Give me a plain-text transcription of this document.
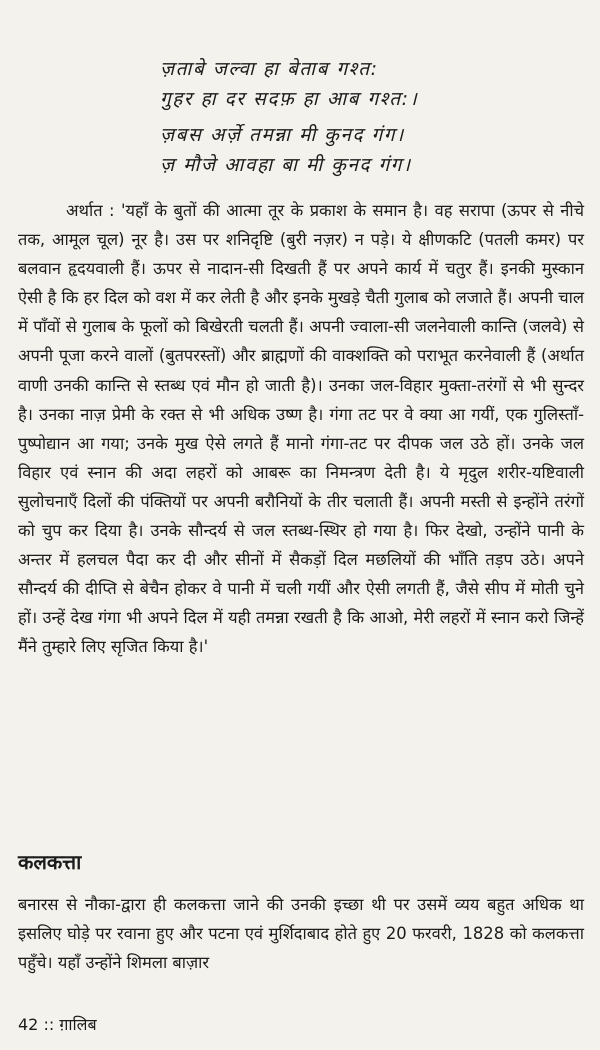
ज़ताबे जल्वा हा बेताब गश्त:
गुहर हा दर सदफ़ हा आब गश्त:।
ज़बस अर्ज़े तमन्ना मी कुनद गंग।
ज़ मौजे आवहा बा मी कुनद गंग।

अर्थात : 'यहाँ के बुतों की आत्मा तूर के प्रकाश के समान है। वह सरापा (ऊपर से नीचे तक, आमूल चूल) नूर है। उस पर शनिदृष्टि (बुरी नज़र) न पड़े। ये क्षीणकटि (पतली कमर) पर बलवान हृदयवाली हैं। ऊपर से नादान-सी दिखती हैं पर अपने कार्य में चतुर हैं। इनकी मुस्कान ऐसी है कि हर दिल को वश में कर लेती है और इनके मुखड़े चैती गुलाब को लजाते हैं। अपनी चाल में पाँवों से गुलाब के फूलों को बिखेरती चलती हैं। अपनी ज्वाला-सी जलनेवाली कान्ति (जलवे) से अपनी पूजा करने वालों (बुतपरस्तों) और ब्राह्मणों की वाक्शक्ति को पराभूत करनेवाली हैं (अर्थात वाणी उनकी कान्ति से स्तब्ध एवं मौन हो जाती है)। उनका जल-विहार मुक्ता-तरंगों से भी सुन्दर है। उनका नाज़ प्रेमी के रक्त से भी अधिक उष्ण है। गंगा तट पर वे क्या आ गयीं, एक गुलिस्ताँ-पुष्पोद्यान आ गया; उनके मुख ऐसे लगते हैं मानो गंगा-तट पर दीपक जल उठे हों। उनके जल विहार एवं स्नान की अदा लहरों को आबरू का निमन्त्रण देती है। ये मृदुल शरीर-यष्टिवाली सुलोचनाएँ दिलों की पंक्तियों पर अपनी बरौनियों के तीर चलाती हैं। अपनी मस्ती से इन्होंने तरंगों को चुप कर दिया है। उनके सौन्दर्य से जल स्तब्ध-स्थिर हो गया है। फिर देखो, उन्होंने पानी के अन्तर में हलचल पैदा कर दी और सीनों में सैकड़ों दिल मछलियों की भाँति तड़प उठे। अपने सौन्दर्य की दीप्ति से बेचैन होकर वे पानी में चली गयीं और ऐसी लगती हैं, जैसे सीप में मोती चुने हों। उन्हें देख गंगा भी अपने दिल में यही तमन्ना रखती है कि आओ, मेरी लहरों में स्नान करो जिन्हें मैंने तुम्हारे लिए सृजित किया है।'

कलकत्ता

बनारस से नौका-द्वारा ही कलकत्ता जाने की उनकी इच्छा थी पर उसमें व्यय बहुत अधिक था इसलिए घोड़े पर रवाना हुए और पटना एवं मुर्शिदाबाद होते हुए 20 फरवरी, 1828 को कलकत्ता पहुँचे। यहाँ उन्होंने शिमला बाज़ार

42 :: ग़ालिब
